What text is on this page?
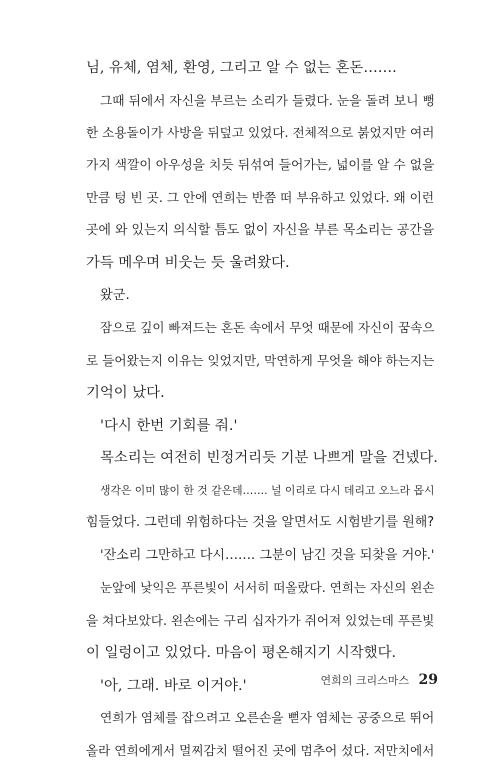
님, 유체, 염체, 환영, 그리고 알 수 없는 혼돈…….
그때 뒤에서 자신을 부르는 소리가 들렸다. 눈을 돌려 보니 뻥
한 소용돌이가 사방을 뒤덮고 있었다. 전체적으로 붉었지만 여러
가지 색깔이 아우성을 치듯 뒤섞여 들어가는, 넓이를 알 수 없을
만큼 텅 빈 곳. 그 안에 연희는 반쯤 떠 부유하고 있었다. 왜 이런
곳에 와 있는지 의식할 틈도 없이 자신을 부른 목소리는 공간을
가득 메우며 비웃는 듯 울려왔다.
왔군.
잠으로 깊이 빠져드는 혼돈 속에서 무엇 때문에 자신이 꿈속으
로 들어왔는지 이유는 잊었지만, 막연하게 무엇을 해야 하는지는
기억이 났다.
'다시 한번 기회를 줘.'
목소리는 여전히 빈정거리듯 기분 나쁘게 말을 건넸다.
생각은 이미 많이 한 것 같은데……. 널 이리로 다시 데리고 오느라 몹시
힘들었다. 그런데 위험하다는 것을 알면서도 시험받기를 원해?
'잔소리 그만하고 다시……. 그분이 남긴 것을 되찾을 거야.'
눈앞에 낯익은 푸른빛이 서서히 떠올랐다. 연희는 자신의 왼손
을 쳐다보았다. 왼손에는 구리 십자가가 쥐어져 있었는데 푸른빛
이 일렁이고 있었다. 마음이 평온해지기 시작했다.
'아, 그래. 바로 이거야.'
연희가 염체를 잡으려고 오른손을 뻗자 염체는 공중으로 뛰어
올라 연희에게서 멀찌감치 떨어진 곳에 멈추어 섰다. 저만치에서
연희의 크리스마스 29
